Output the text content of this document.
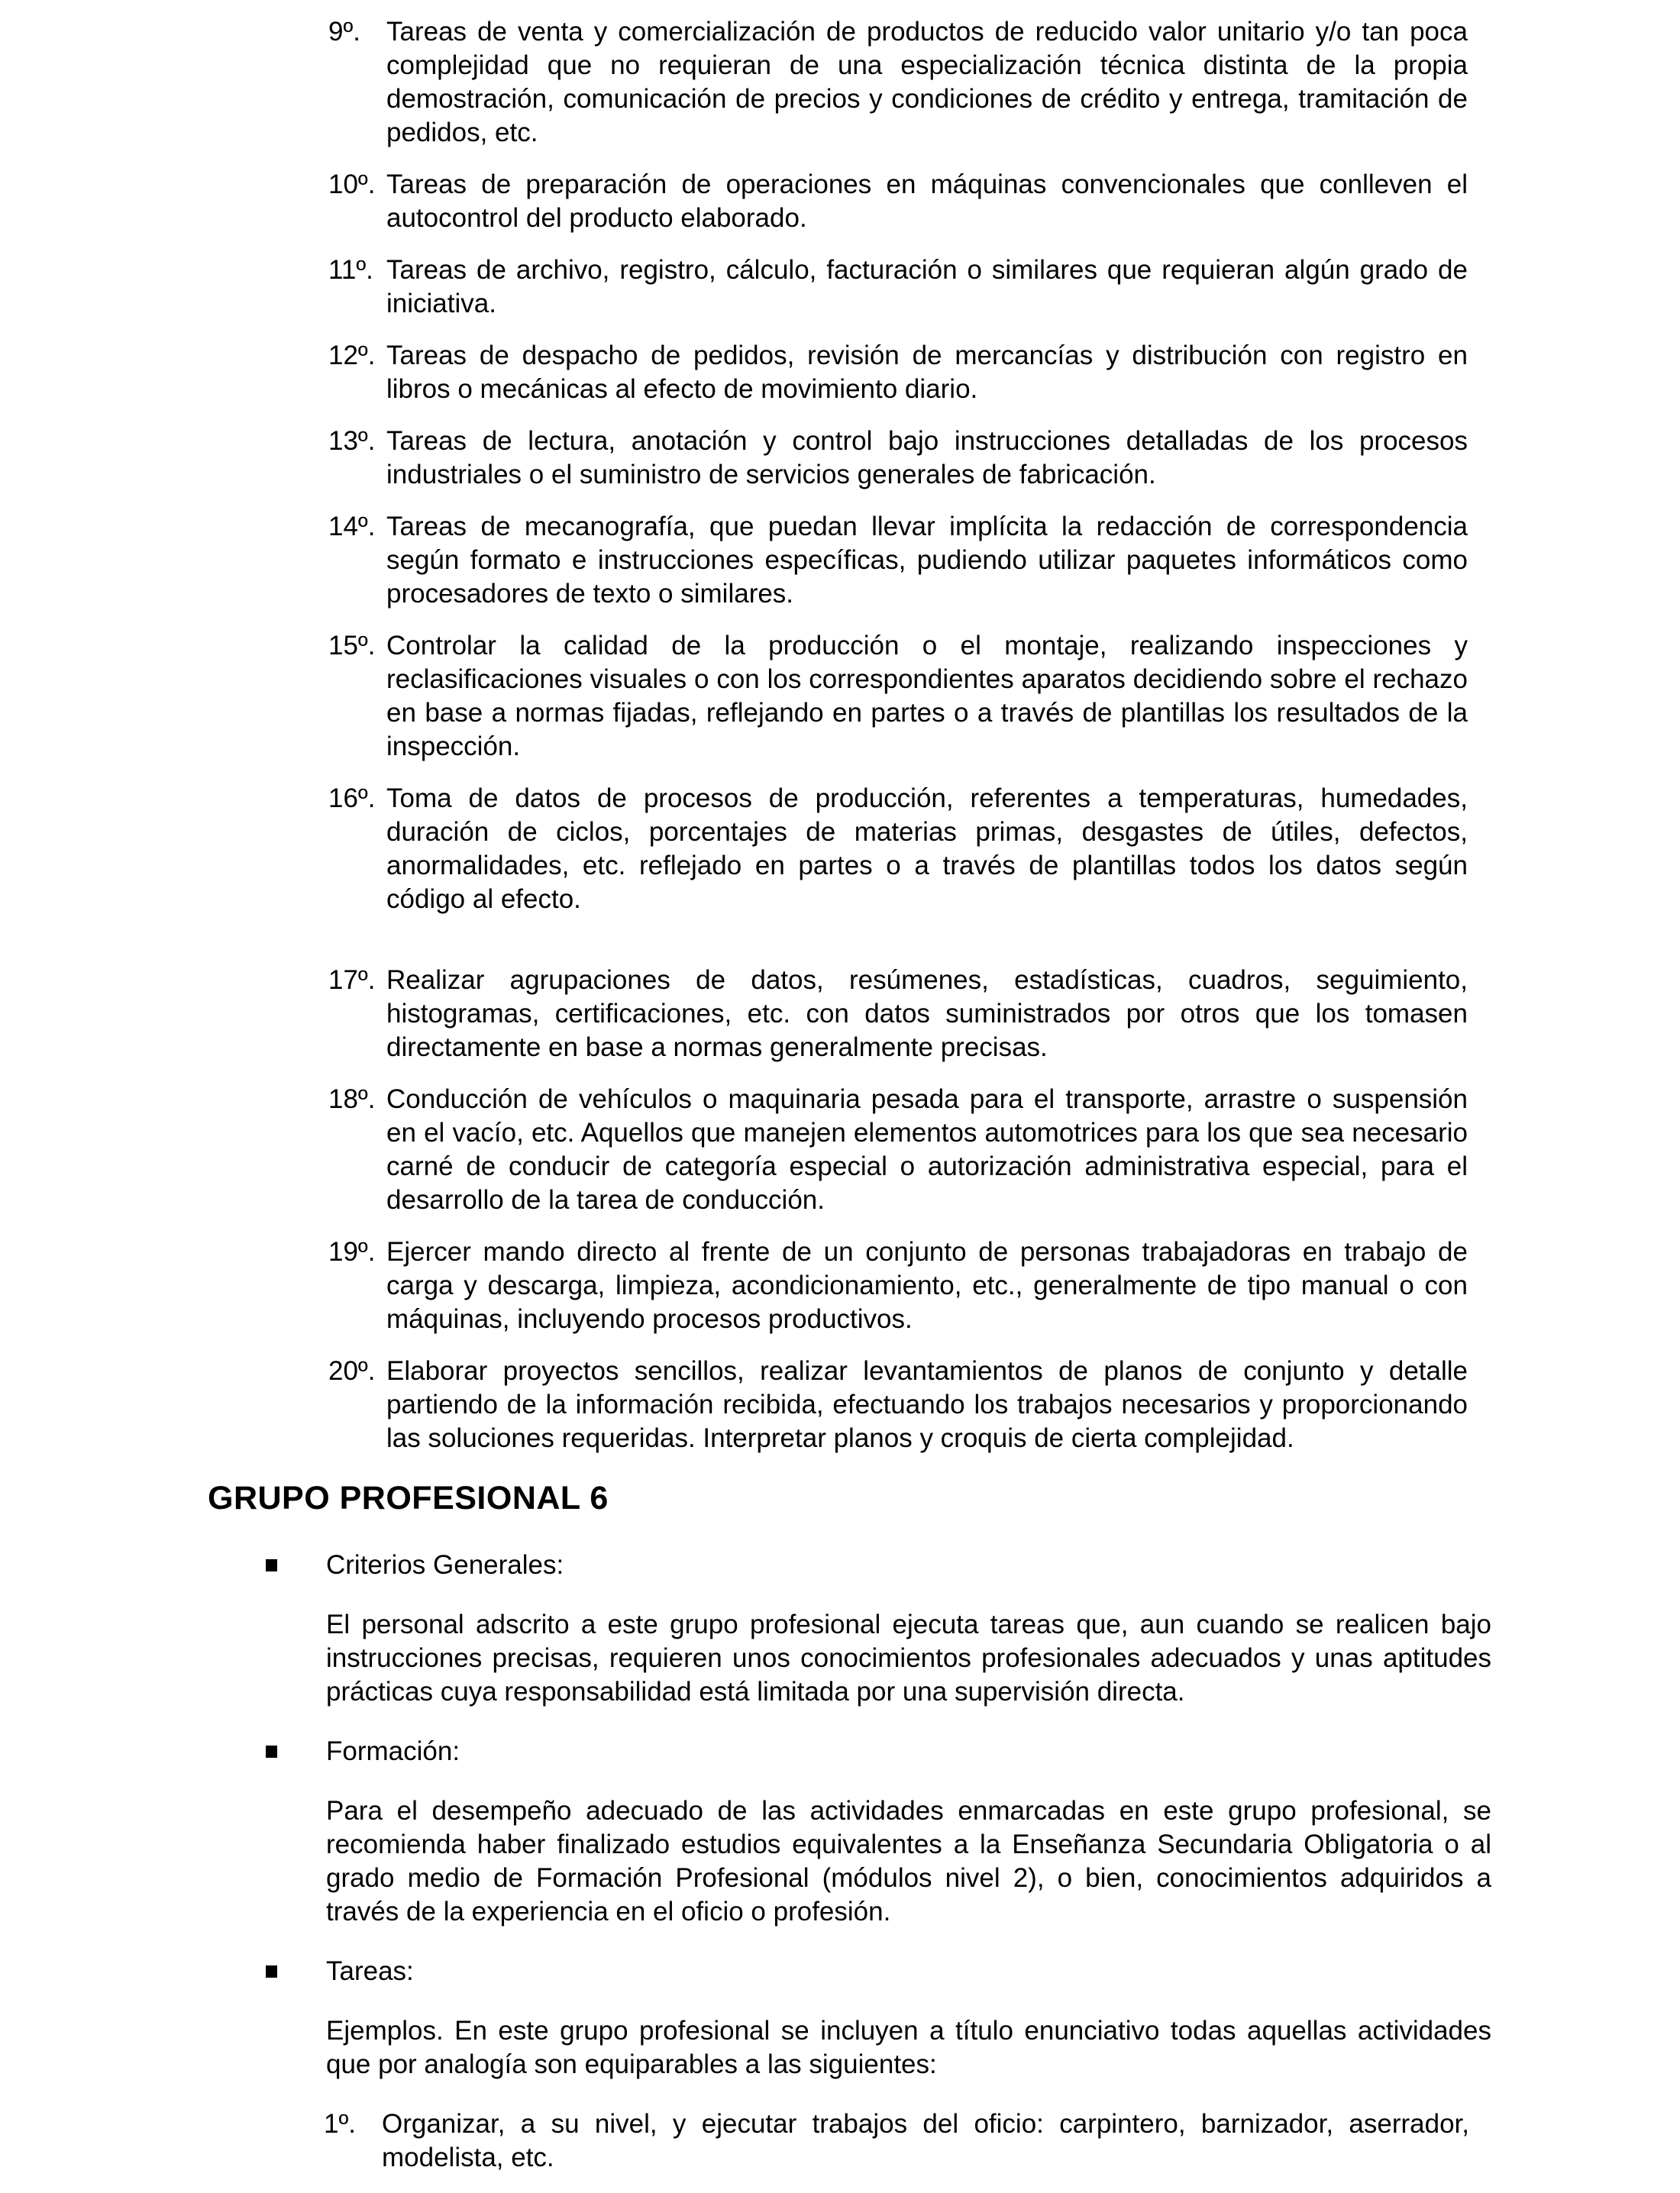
9º. Tareas de venta y comercialización de productos de reducido valor unitario y/o tan poca complejidad que no requieran de una especialización técnica distinta de la propia demostración, comunicación de precios y condiciones de crédito y entrega, tramitación de pedidos, etc.
10º. Tareas de preparación de operaciones en máquinas convencionales que conlleven el autocontrol del producto elaborado.
11º. Tareas de archivo, registro, cálculo, facturación o similares que requieran algún grado de iniciativa.
12º. Tareas de despacho de pedidos, revisión de mercancías y distribución con registro en libros o mecánicas al efecto de movimiento diario.
13º. Tareas de lectura, anotación y control bajo instrucciones detalladas de los procesos industriales o el suministro de servicios generales de fabricación.
14º. Tareas de mecanografía, que puedan llevar implícita la redacción de correspondencia según formato e instrucciones específicas, pudiendo utilizar paquetes informáticos como procesadores de texto o similares.
15º. Controlar la calidad de la producción o el montaje, realizando inspecciones y reclasificaciones visuales o con los correspondientes aparatos decidiendo sobre el rechazo en base a normas fijadas, reflejando en partes o a través de plantillas los resultados de la inspección.
16º. Toma de datos de procesos de producción, referentes a temperaturas, humedades, duración de ciclos, porcentajes de materias primas, desgastes de útiles, defectos, anormalidades, etc. reflejado en partes o a través de plantillas todos los datos según código al efecto.
17º. Realizar agrupaciones de datos, resúmenes, estadísticas, cuadros, seguimiento, histogramas, certificaciones, etc. con datos suministrados por otros que los tomasen directamente en base a normas generalmente precisas.
18º. Conducción de vehículos o maquinaria pesada para el transporte, arrastre o suspensión en el vacío, etc. Aquellos que manejen elementos automotrices para los que sea necesario carné de conducir de categoría especial o autorización administrativa especial, para el desarrollo de la tarea de conducción.
19º. Ejercer mando directo al frente de un conjunto de personas trabajadoras en trabajo de carga y descarga, limpieza, acondicionamiento, etc., generalmente de tipo manual o con máquinas, incluyendo procesos productivos.
20º. Elaborar proyectos sencillos, realizar levantamientos de planos de conjunto y detalle partiendo de la información recibida, efectuando los trabajos necesarios y proporcionando las soluciones requeridas. Interpretar planos y croquis de cierta complejidad.
GRUPO PROFESIONAL 6
Criterios Generales:
El personal adscrito a este grupo profesional ejecuta tareas que, aun cuando se realicen bajo instrucciones precisas, requieren unos conocimientos profesionales adecuados y unas aptitudes prácticas cuya responsabilidad está limitada por una supervisión directa.
Formación:
Para el desempeño adecuado de las actividades enmarcadas en este grupo profesional, se recomienda haber finalizado estudios equivalentes a la Enseñanza Secundaria Obligatoria o al grado medio de Formación Profesional (módulos nivel 2), o bien, conocimientos adquiridos a través de la experiencia en el oficio o profesión.
Tareas:
Ejemplos. En este grupo profesional se incluyen a título enunciativo todas aquellas actividades que por analogía son equiparables a las siguientes:
1º. Organizar, a su nivel, y ejecutar trabajos del oficio: carpintero, barnizador, aserrador, modelista, etc.
